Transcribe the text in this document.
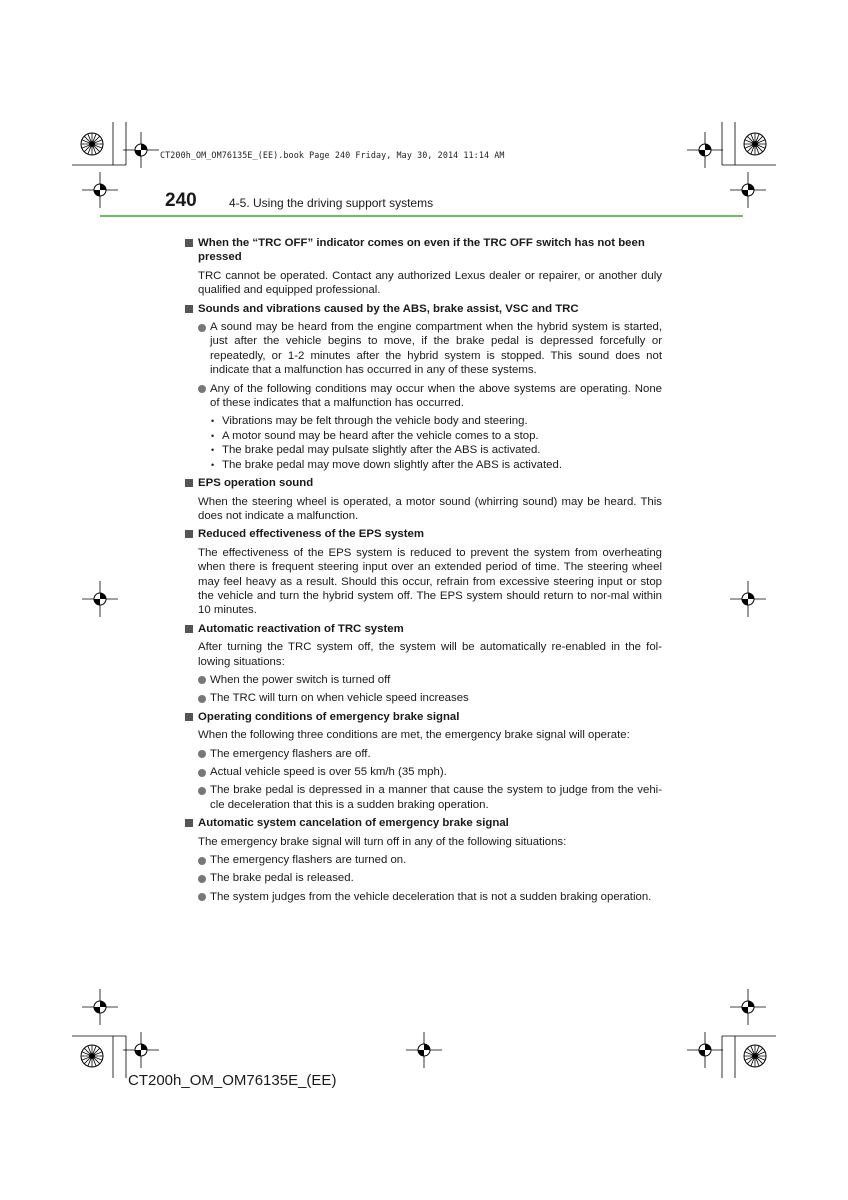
CT200h_OM_OM76135E_(EE).book Page 240 Friday, May 30, 2014 11:14 AM
240	4-5. Using the driving support systems
When the “TRC OFF” indicator comes on even if the TRC OFF switch has not been pressed
TRC cannot be operated. Contact any authorized Lexus dealer or repairer, or another duly qualified and equipped professional.
Sounds and vibrations caused by the ABS, brake assist, VSC and TRC
A sound may be heard from the engine compartment when the hybrid system is started, just after the vehicle begins to move, if the brake pedal is depressed forcefully or repeatedly, or 1-2 minutes after the hybrid system is stopped. This sound does not indicate that a malfunction has occurred in any of these systems.
Any of the following conditions may occur when the above systems are operating. None of these indicates that a malfunction has occurred.
• Vibrations may be felt through the vehicle body and steering.
• A motor sound may be heard after the vehicle comes to a stop.
• The brake pedal may pulsate slightly after the ABS is activated.
• The brake pedal may move down slightly after the ABS is activated.
EPS operation sound
When the steering wheel is operated, a motor sound (whirring sound) may be heard. This does not indicate a malfunction.
Reduced effectiveness of the EPS system
The effectiveness of the EPS system is reduced to prevent the system from overheating when there is frequent steering input over an extended period of time. The steering wheel may feel heavy as a result. Should this occur, refrain from excessive steering input or stop the vehicle and turn the hybrid system off. The EPS system should return to nor-mal within 10 minutes.
Automatic reactivation of TRC system
After turning the TRC system off, the system will be automatically re-enabled in the fol-lowing situations:
When the power switch is turned off
The TRC will turn on when vehicle speed increases
Operating conditions of emergency brake signal
When the following three conditions are met, the emergency brake signal will operate:
The emergency flashers are off.
Actual vehicle speed is over 55 km/h (35 mph).
The brake pedal is depressed in a manner that cause the system to judge from the vehi-cle deceleration that this is a sudden braking operation.
Automatic system cancelation of emergency brake signal
The emergency brake signal will turn off in any of the following situations:
The emergency flashers are turned on.
The brake pedal is released.
The system judges from the vehicle deceleration that is not a sudden braking operation.
CT200h_OM_OM76135E_(EE)
